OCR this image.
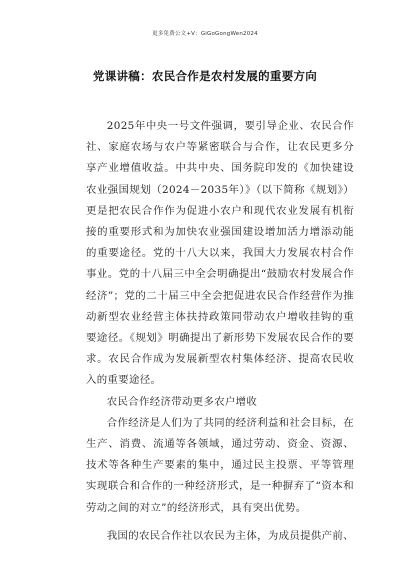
更多免费公文+V：GiGoGongWen2024
党课讲稿：农民合作是农村发展的重要方向

2025年中央一号文件强调，要引导企业、农民合作社、家庭农场与农户等紧密联合与合作，让农民更多分享产业增值收益。中共中央、国务院印发的《加快建设农业强国规划（2024－2035年）》（以下简称《规划》）更是把农民合作作为促进小农户和现代农业发展有机衔接的重要形式和为加快农业强国建设增加活力增添动能的重要途径。党的十八大以来，我国大力发展农村合作事业。党的十八届三中全会明确提出“鼓励农村发展合作经济”；党的二十届三中全会把促进农民合作经营作为推动新型农业经营主体扶持政策同带动农户增收挂钩的重要途径。《规划》明确提出了新形势下发展农民合作的要求。农民合作成为发展新型农村集体经济、提高农民收入的重要途径。

农民合作经济带动更多农户增收

合作经济是人们为了共同的经济利益和社会目标，在生产、消费、流通等各领域，通过劳动、资金、资源、技术等各种生产要素的集中，通过民主投票、平等管理实现联合和合作的一种经济形式，是一种摒弃了“资本和劳动之间的对立”的经济形式，具有突出优势。

我国的农民合作社以农民为主体，为成员提供产前、
